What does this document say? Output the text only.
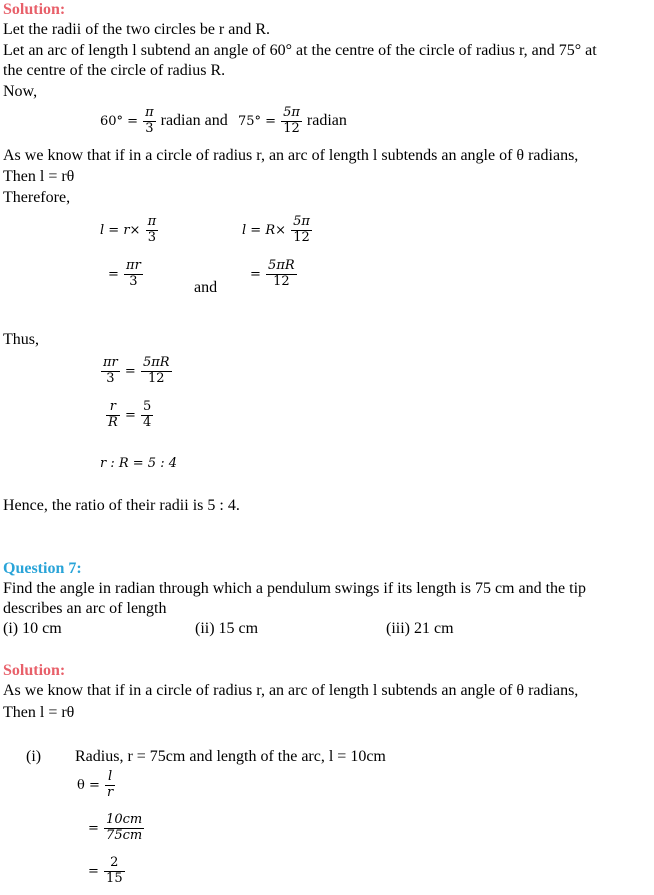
Solution:
Let the radii of the two circles be r and R.
Let an arc of length l subtend an angle of 60° at the centre of the circle of radius r, and 75° at
the centre of the circle of radius R.
Now,
$60^\circ = \frac{\pi}{3}$ radian and $75^\circ = \frac{5\pi}{12}$ radian
As we know that if in a circle of radius r, an arc of length l subtends an angle of θ radians,
Then l = rθ
Therefore,
$l = r\times \frac{\pi}{3}$
= $\frac{\pi r}{3}$	and
$l = R\times \frac{5\pi}{12}$
= $\frac{5\pi R}{12}$
Thus,
$\frac{\pi r}{3} = \frac{5\pi R}{12}$
$\frac{r}{R} = \frac{5}{4}$
r : R = 5 : 4
Hence, the ratio of their radii is 5 : 4.
Question 7:
Find the angle in radian through which a pendulum swings if its length is 75 cm and the tip
describes an arc of length
(i) 10 cm	(ii) 15 cm	(iii) 21 cm
Solution:
As we know that if in a circle of radius r, an arc of length l subtends an angle of θ radians,
Then l = rθ
(i) Radius, r = 75cm and length of the arc, l = 10cm
$\theta = \frac{l}{r}$
= $\frac{10cm}{75cm}$
= $\frac{2}{15}$
